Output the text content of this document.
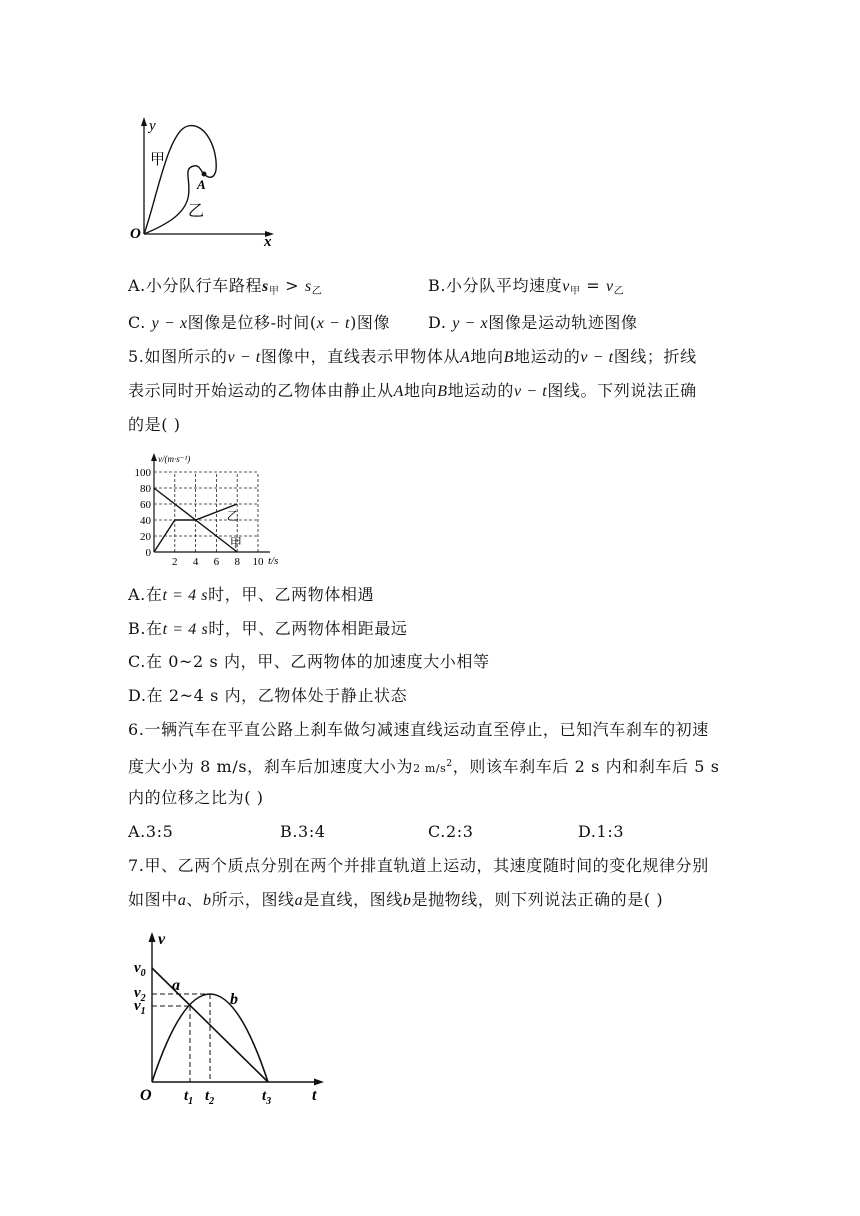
y
x
O
A
甲
乙
A.小分队行车路程$s_甲 > s_乙$	B.小分队平均速度$v_甲 = v_乙$
C. y − x图像是位移-时间(x − t)图像 D. y − x图像是运动轨迹图像
5.如图所示的v − t图像中，直线表示甲物体从A地向B地运动的v − t图线；折线
表示同时开始运动的乙物体由静止从A地向B地运动的v − t图线。下列说法正确
的是( )
甲
乙
0
20
40
60
80
100
2 4 6 8 10
v/(m·s⁻¹)
t/s
A.在t = 4 s时，甲、乙两物体相遇
B.在t = 4 s时，甲、乙两物体相距最远
C.在 0~2 s 内，甲、乙两物体的加速度大小相等
D.在 2~4 s 内，乙物体处于静止状态
6.一辆汽车在平直公路上刹车做匀减速直线运动直至停止，已知汽车刹车的初速
度大小为 8 m/s，刹车后加速度大小为2 $m/s^2$，则该车刹车后 2 s 内和刹车后 5 s
内的位移之比为( )
A.3:5	B.3:4	C.2:3	D.1:3
7.甲、乙两个质点分别在两个并排直轨道上运动，其速度随时间的变化规律分别
如图中a、b所示，图线a是直线，图线b是抛物线，则下列说法正确的是( )
v
t
O
$v_0$
$v_2$
$v_1$
a
b
$t_1$ $t_2$	$t_3$
